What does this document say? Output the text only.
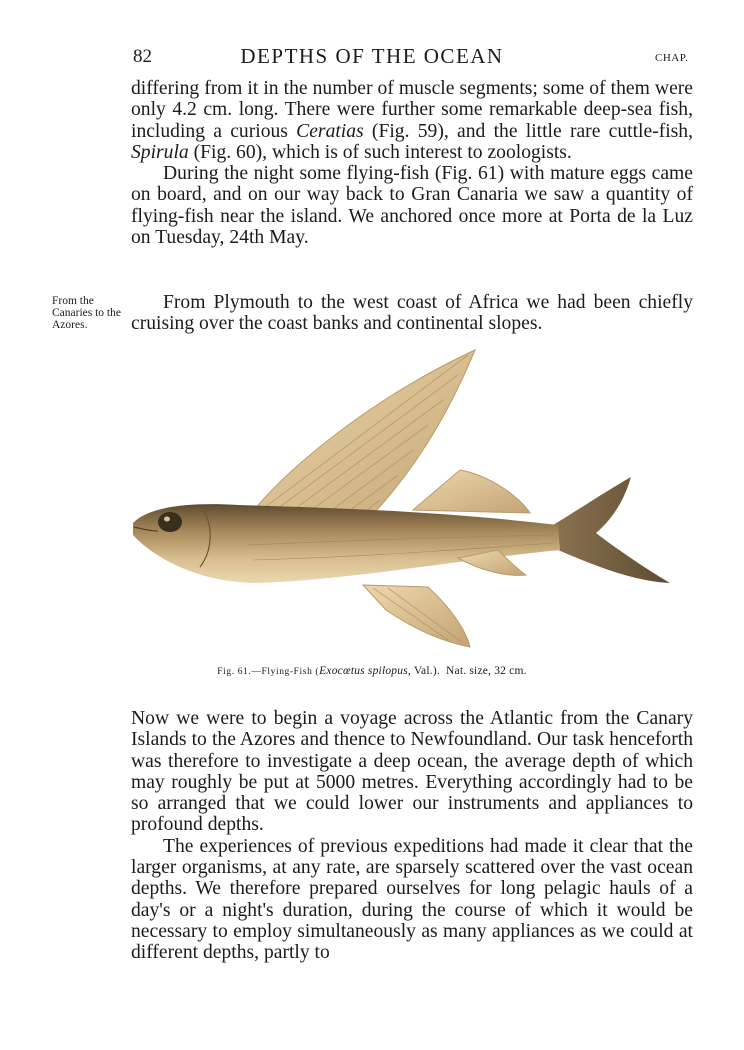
82	DEPTHS OF THE OCEAN	CHAP.

differing from it in the number of muscle segments; some of them were only 4.2 cm. long. There were further some remarkable deep-sea fish, including a curious Ceratias (Fig. 59), and the little rare cuttle-fish, Spirula (Fig. 60), which is of such interest to zoologists.

During the night some flying-fish (Fig. 61) with mature eggs came on board, and on our way back to Gran Canaria we saw a quantity of flying-fish near the island. We anchored once more at Porta de la Luz on Tuesday, 24th May.

From the Canaries to the Azores.

From Plymouth to the west coast of Africa we had been chiefly cruising over the coast banks and continental slopes.

Fig. 61.—Flying-Fish (Exocœtus spilopus, Val.). Nat. size, 32 cm.

Now we were to begin a voyage across the Atlantic from the Canary Islands to the Azores and thence to Newfoundland. Our task henceforth was therefore to investigate a deep ocean, the average depth of which may roughly be put at 5000 metres. Everything accordingly had to be so arranged that we could lower our instruments and appliances to profound depths.

The experiences of previous expeditions had made it clear that the larger organisms, at any rate, are sparsely scattered over the vast ocean depths. We therefore prepared ourselves for long pelagic hauls of a day's or a night's duration, during the course of which it would be necessary to employ simultaneously as many appliances as we could at different depths, partly to
